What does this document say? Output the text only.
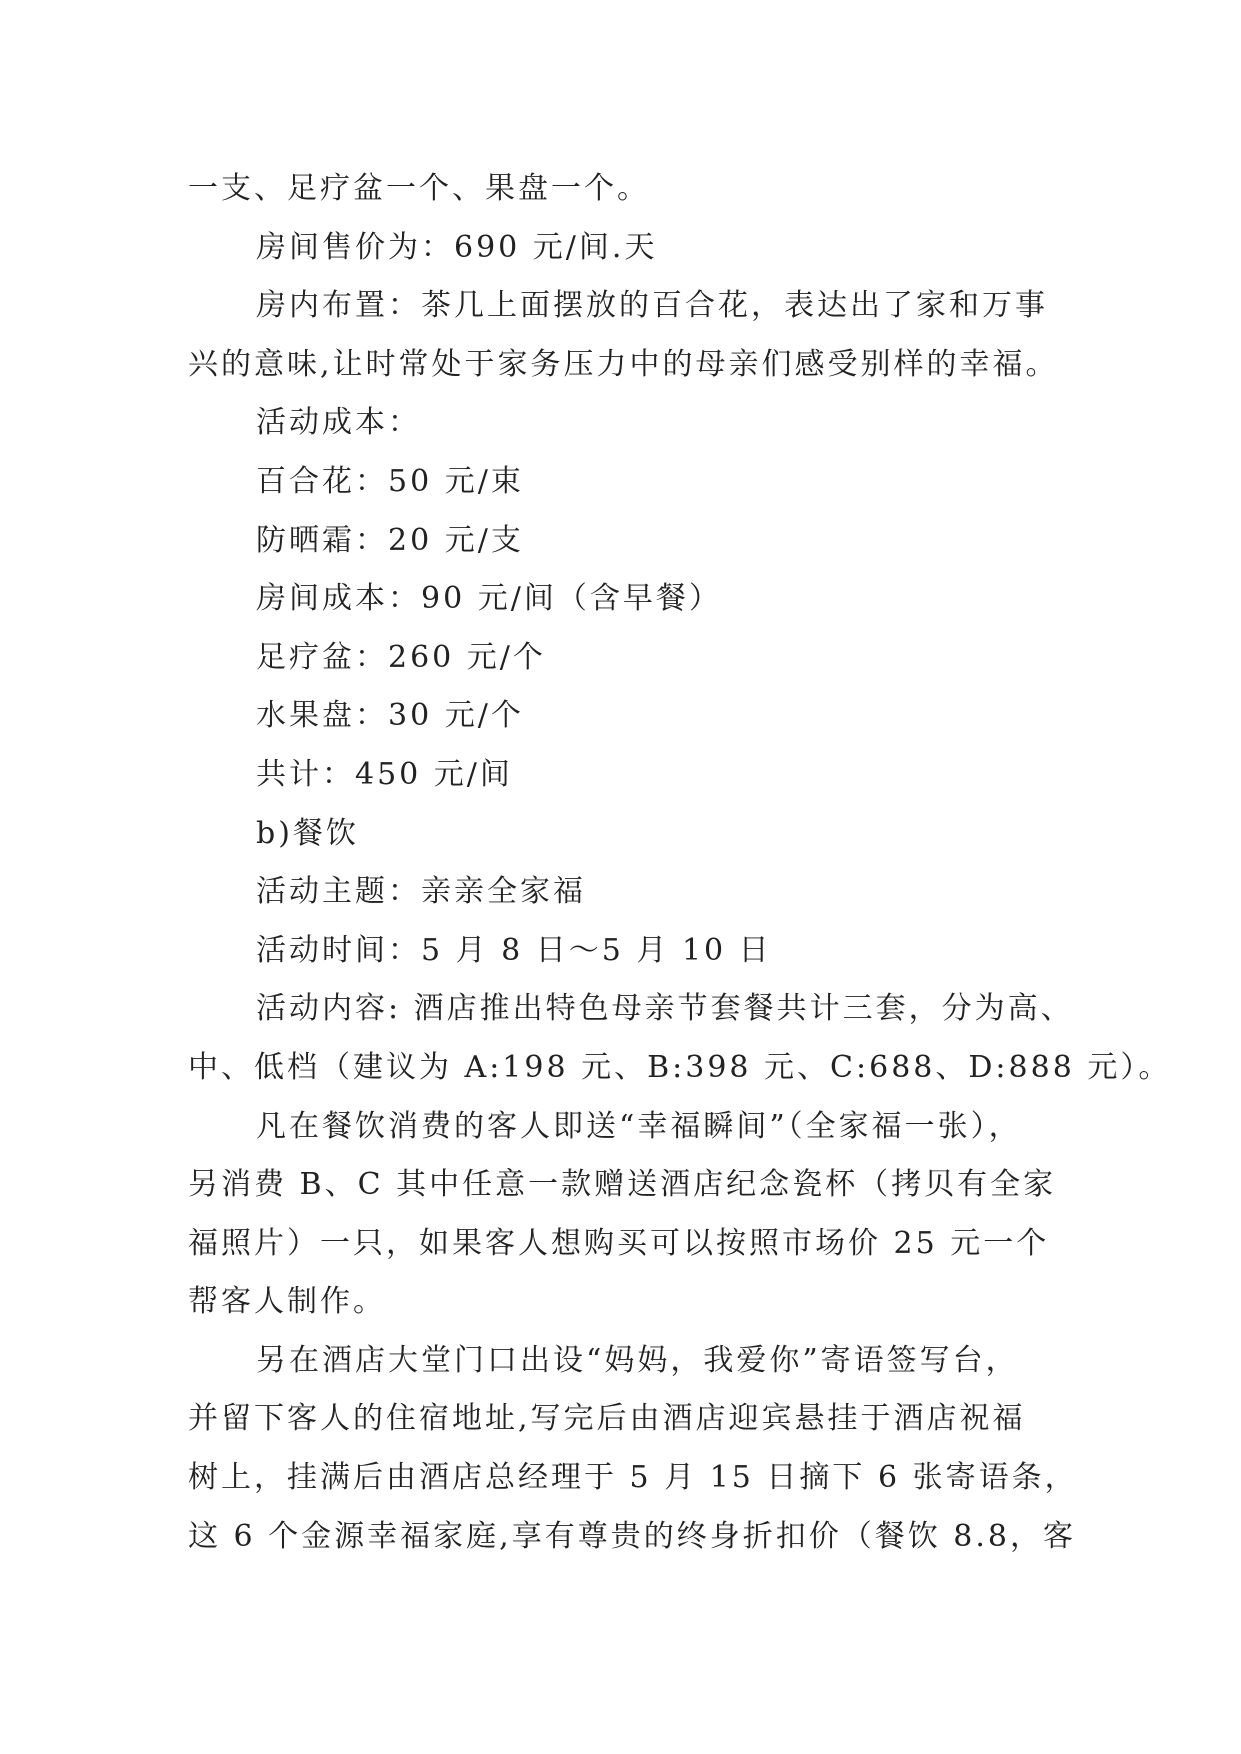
一支、足疗盆一个、果盘一个。
房间售价为：690 元/间.天
房内布置：茶几上面摆放的百合花，表达出了家和万事
兴的意味,让时常处于家务压力中的母亲们感受别样的幸福。
活动成本：
百合花：50 元/束
防晒霜：20 元/支
房间成本：90 元/间（含早餐）
足疗盆：260 元/个
水果盘：30 元/个
共计：450 元/间
b)餐饮
活动主题：亲亲全家福
活动时间：5 月 8 日～5 月 10 日
活动内容: 酒店推出特色母亲节套餐共计三套，分为高、
中、低档（建议为 A:198 元、B:398 元、C:688、D:888 元）。
凡在餐饮消费的客人即送“幸福瞬间”（全家福一张），
另消费 B、C 其中任意一款赠送酒店纪念瓷杯（拷贝有全家
福照片）一只，如果客人想购买可以按照市场价 25 元一个
帮客人制作。
另在酒店大堂门口出设“妈妈，我爱你”寄语签写台，
并留下客人的住宿地址,写完后由酒店迎宾悬挂于酒店祝福
树上，挂满后由酒店总经理于 5 月 15 日摘下 6 张寄语条，
这 6 个金源幸福家庭,享有尊贵的终身折扣价（餐饮 8.8，客
